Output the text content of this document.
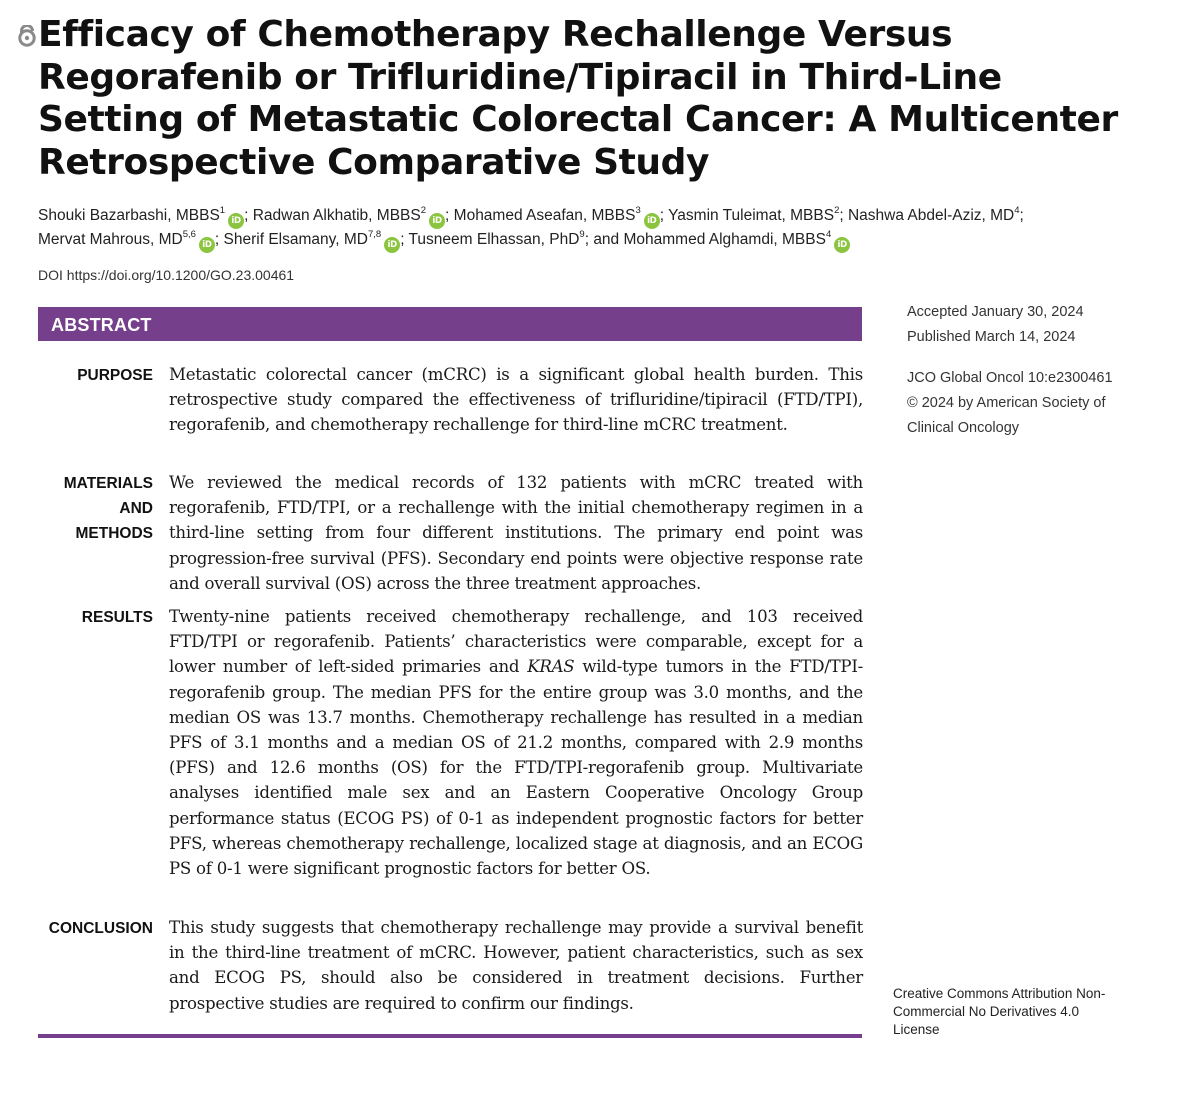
Efficacy of Chemotherapy Rechallenge Versus Regorafenib or Trifluridine/Tipiracil in Third-Line Setting of Metastatic Colorectal Cancer: A Multicenter Retrospective Comparative Study
Shouki Bazarbashi, MBBS$^1$iD ; Radwan Alkhatib, MBBS$^2$iD ; Mohamed Aseafan, MBBS$^3$iD ; Yasmin Tuleimat, MBBS$^2$; Nashwa Abdel-Aziz, $MD^4$; Mervat Mahrous, MD$^{5,6}$iD ; Sherif Elsamany, MD$^{7,8}$iD ; Tusneem Elhassan, PhD$^9$; and Mohammed Alghamdi, MBBS$^4$iD
DOI https://doi.org/10.1200/GO.23.00461
ABSTRACT
PURPOSE Metastatic colorectal cancer (mCRC) is a significant global health burden. This retrospective study compared the effectiveness of trifluridine/tipiracil (FTD/TPI), regorafenib, and chemotherapy rechallenge for third-line mCRC treatment.
MATERIALS
AND METHODS
We reviewed the medical records of 132 patients with mCRC treated with regorafenib, FTD/TPI, or a rechallenge with the initial chemotherapy regimen in a third-line setting from four different institutions. The primary end point was progression-free survival (PFS). Secondary end points were objective response rate and overall survival (OS) across the three treatment approaches.
RESULTS Twenty-nine patients received chemotherapy rechallenge, and 103 received FTD/TPI or regorafenib. Patients’ characteristics were comparable, except for a lower number of left-sided primaries and KRAS wild-type tumors in the FTD/TPI-regorafenib group. The median PFS for the entire group was 3.0 months, and the median OS was 13.7 months. Chemotherapy rechallenge has resulted in a median PFS of 3.1 months and a median OS of 21.2 months, compared with 2.9 months (PFS) and 12.6 months (OS) for the FTD/TPI-regorafenib group. Multivariate analyses identified male sex and an Eastern Cooperative Oncology Group performance status (ECOG PS) of 0-1 as independent prognostic factors for better PFS, whereas chemotherapy rechallenge, localized stage at diagnosis, and an ECOG PS of 0-1 were significant prognostic factors for better OS.
CONCLUSION This study suggests that chemotherapy rechallenge may provide a survival benefit in the third-line treatment of mCRC. However, patient characteristics, such as sex and ECOG PS, should also be considered in treatment decisions. Further prospective studies are required to confirm our findings.
Accepted January 30, 2024
Published March 14, 2024
JCO Global Oncol 10:e2300461
© 2024 by American Society of Clinical Oncology
Creative Commons Attribution Non-Commercial No Derivatives 4.0 License
